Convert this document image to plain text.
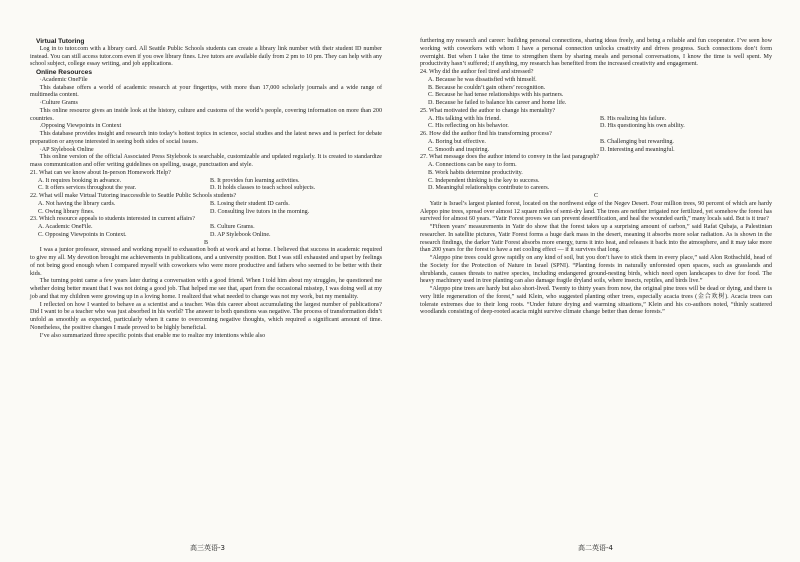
Virtual Tutoring

Log in to tutor.com with a library card. All Seattle Public Schools students can create a library link number with their student ID number instead. You can still access tutor.com even if you owe library fines. Live tutors are available daily from 2 pm to 10 pm. They can help with any school subject, college essay writing, and job applications.

Online Resources

·Academic OneFile

This database offers a world of academic research at your fingertips, with more than 17,000 scholarly journals and a wide range of multimedia content.

·Culture Grams

This online resource gives an inside look at the history, culture and customs of the world’s people, covering information on more than 200 countries.

.Opposing Viewpoints in Context

This database provides insight and research into today’s hottest topics in science, social studies and the latest news and is perfect for debate preparation or anyone interested in seeing both sides of social issues.

·AP Stylebook Online

This online version of the official Associated Press Stylebook is searchable, customizable and updated regularly. It is created to standardize mass communication and offer writing guidelines on spelling, usage, punctuation and style.

21. What can we know about In-person Homework Help?

A. It requires booking in advance.	B. It provides fun learning activities.
C. It offers services throughout the year.	D. It holds classes to teach school subjects.

22. What will make Virtual Tutoring inaccessible to Seattle Public Schools students?

A. Not having the library cards.	B. Losing their student ID cards.
C. Owing library fines.	D. Consulting live tutors in the morning.

23. Which resource appeals to students interested in current affairs?

A. Academic OneFile.	B. Culture Grams.
C. Opposing Viewpoints in Context.	D. AP Stylebook Online.

B

I was a junior professor, stressed and working myself to exhaustion both at work and at home. I believed that success in academic required to give my all. My devotion brought me achievements in publications, and a university position. But I was still exhausted and upset by feelings of not being good enough when I compared myself with coworkers who were more productive and fathers who seemed to be better with their kids.

The turning point came a few years later during a conversation with a good friend. When I told him about my struggles, he questioned me whether doing better meant that I was not doing a good job. That helped me see that, apart from the occasional misstep, I was doing well at my job and that my children were growing up in a loving home. I realized that what needed to change was not my work, but my mentality.

I reflected on how I wanted to behave as a scientist and a teacher. Was this career about accumulating the largest number of publications? Did I want to be a teacher who was just absorbed in his world? The answer to both questions was negative. The process of transformation didn’t unfold as smoothly as expected, particularly when it came to overcoming negative thoughts, which required a significant amount of time. Nonetheless, the positive changes I made proved to be highly beneficial.

I’ve also summarized three specific points that enable me to realize my intentions while also

furthering my research and career: building personal connections, sharing ideas freely, and being a reliable and fun cooperator. I’ve seen how working with coworkers with whom I have a personal connection unlocks creativity and drives progress. Such connections don’t form overnight. But when I take the time to strengthen them by sharing meals and personal conversations, I know the time is well spent. My productivity hasn’t suffered; if anything, my research has benefited from the increased creativity and engagement.

24. Why did the author feel tired and stressed?

A. Because he was dissatisfied with himself.
B. Because he couldn’t gain others’ recognition.
C. Because he had tense relationships with his partners.
D. Because he failed to balance his career and home life.

25. What motivated the author to change his mentality?

A. His talking with his friend.	B. His realizing his failure.
C. His reflecting on his behavior.	D. His questioning his own ability.

26. How did the author find his transforming process?

A. Boring but effective.	B. Challenging but rewarding.
C. Smooth and inspiring.	D. Interesting and meaningful.

27. What message does the author intend to convey in the last paragraph?

A. Connections can be easy to form.
B. Work habits determine productivity.
C. Independent thinking is the key to success.
D. Meaningful relationships contribute to careers.

C

Yatir is Israel’s largest planted forest, located on the northwest edge of the Negev Desert. Four million trees, 90 percent of which are hardy Aleppo pine trees, spread over almost 12 square miles of semi-dry land. The trees are neither irrigated nor fertilized, yet somehow the forest has survived for almost 60 years. “Yatir Forest proves we can prevent desertification, and heal the wounded earth,” many locals said. But is it true?

“Fifteen years’ measurements in Yatir do show that the forest takes up a surprising amount of carbon,” said Rafat Qubaja, a Palestinian researcher. In satellite pictures, Yatir Forest forms a huge dark mass in the desert, meaning it absorbs more solar radiation. As is shown in the research findings, the darker Yatir Forest absorbs more energy, turns it into heat, and releases it back into the atmosphere, and it may take more than 200 years for the forest to have a net cooling effect — if it survives that long.

“Aleppo pine trees could grow rapidly on any kind of soil, but you don’t have to stick them in every place,” said Alon Rothschild, head of the Society for the Protection of Nature in Israel (SPNI). “Planting forests in naturally unforested open spaces, such as grasslands and shrublands, causes threats to native species, including endangered ground-nesting birds, which need open landscapes to dive for food. The heavy machinery used in tree planting can also damage fragile dryland soils, where insects, reptiles, and birds live.”

“Aleppo pine trees are hardy but also short-lived. Twenty to thirty years from now, the original pine trees will be dead or dying, and there is very little regeneration of the forest,” said Klein, who suggested planting other trees, especially acacia trees (金合欢树). Acacia trees can tolerate extremes due to their long roots. “Under future drying and warming situations,” Klein and his co-authors noted, “thinly scattered woodlands consisting of deep-rooted acacia might survive climate change better than dense forests.”

高三英语-3	高二英语-4
